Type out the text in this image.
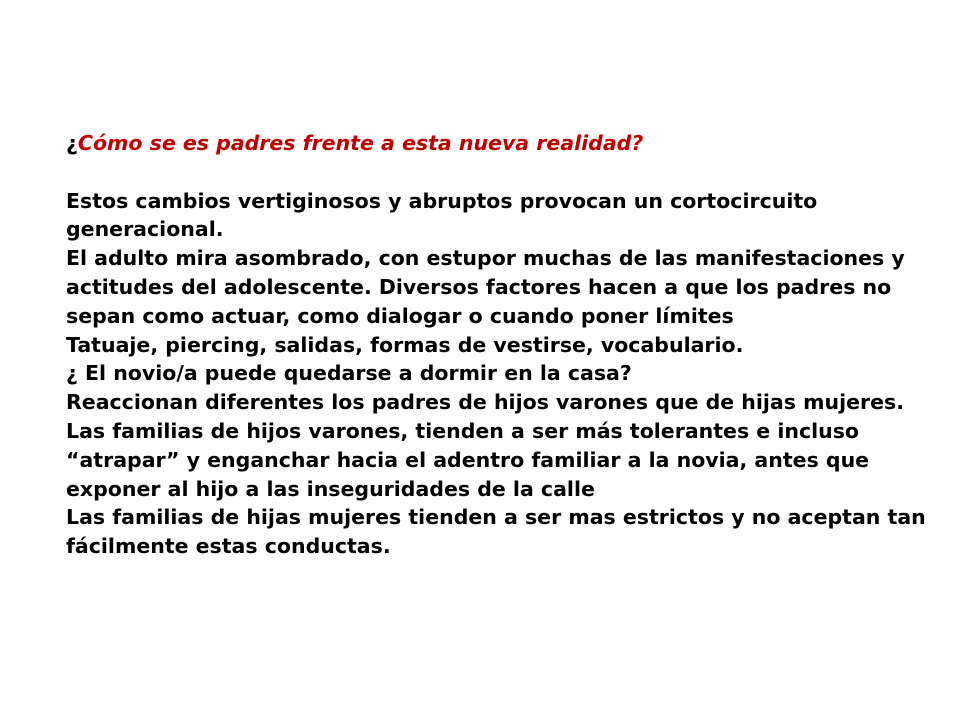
¿Cómo se es padres frente a esta nueva realidad?

Estos cambios vertiginosos y abruptos provocan un cortocircuito generacional.

El adulto mira asombrado, con estupor muchas de las manifestaciones y actitudes del adolescente. Diversos factores hacen a que los padres no sepan como actuar, como dialogar o cuando poner límites

Tatuaje, piercing, salidas, formas de vestirse, vocabulario.

¿ El novio/a puede quedarse a dormir en la casa?

Reaccionan diferentes los padres de hijos varones que de hijas mujeres.

Las familias de hijos varones, tienden a ser más tolerantes e incluso “atrapar” y enganchar hacia el adentro familiar a la novia, antes que exponer al hijo a las inseguridades de la calle

Las familias de hijas mujeres tienden a ser mas estrictos y no aceptan tan fácilmente estas conductas.
